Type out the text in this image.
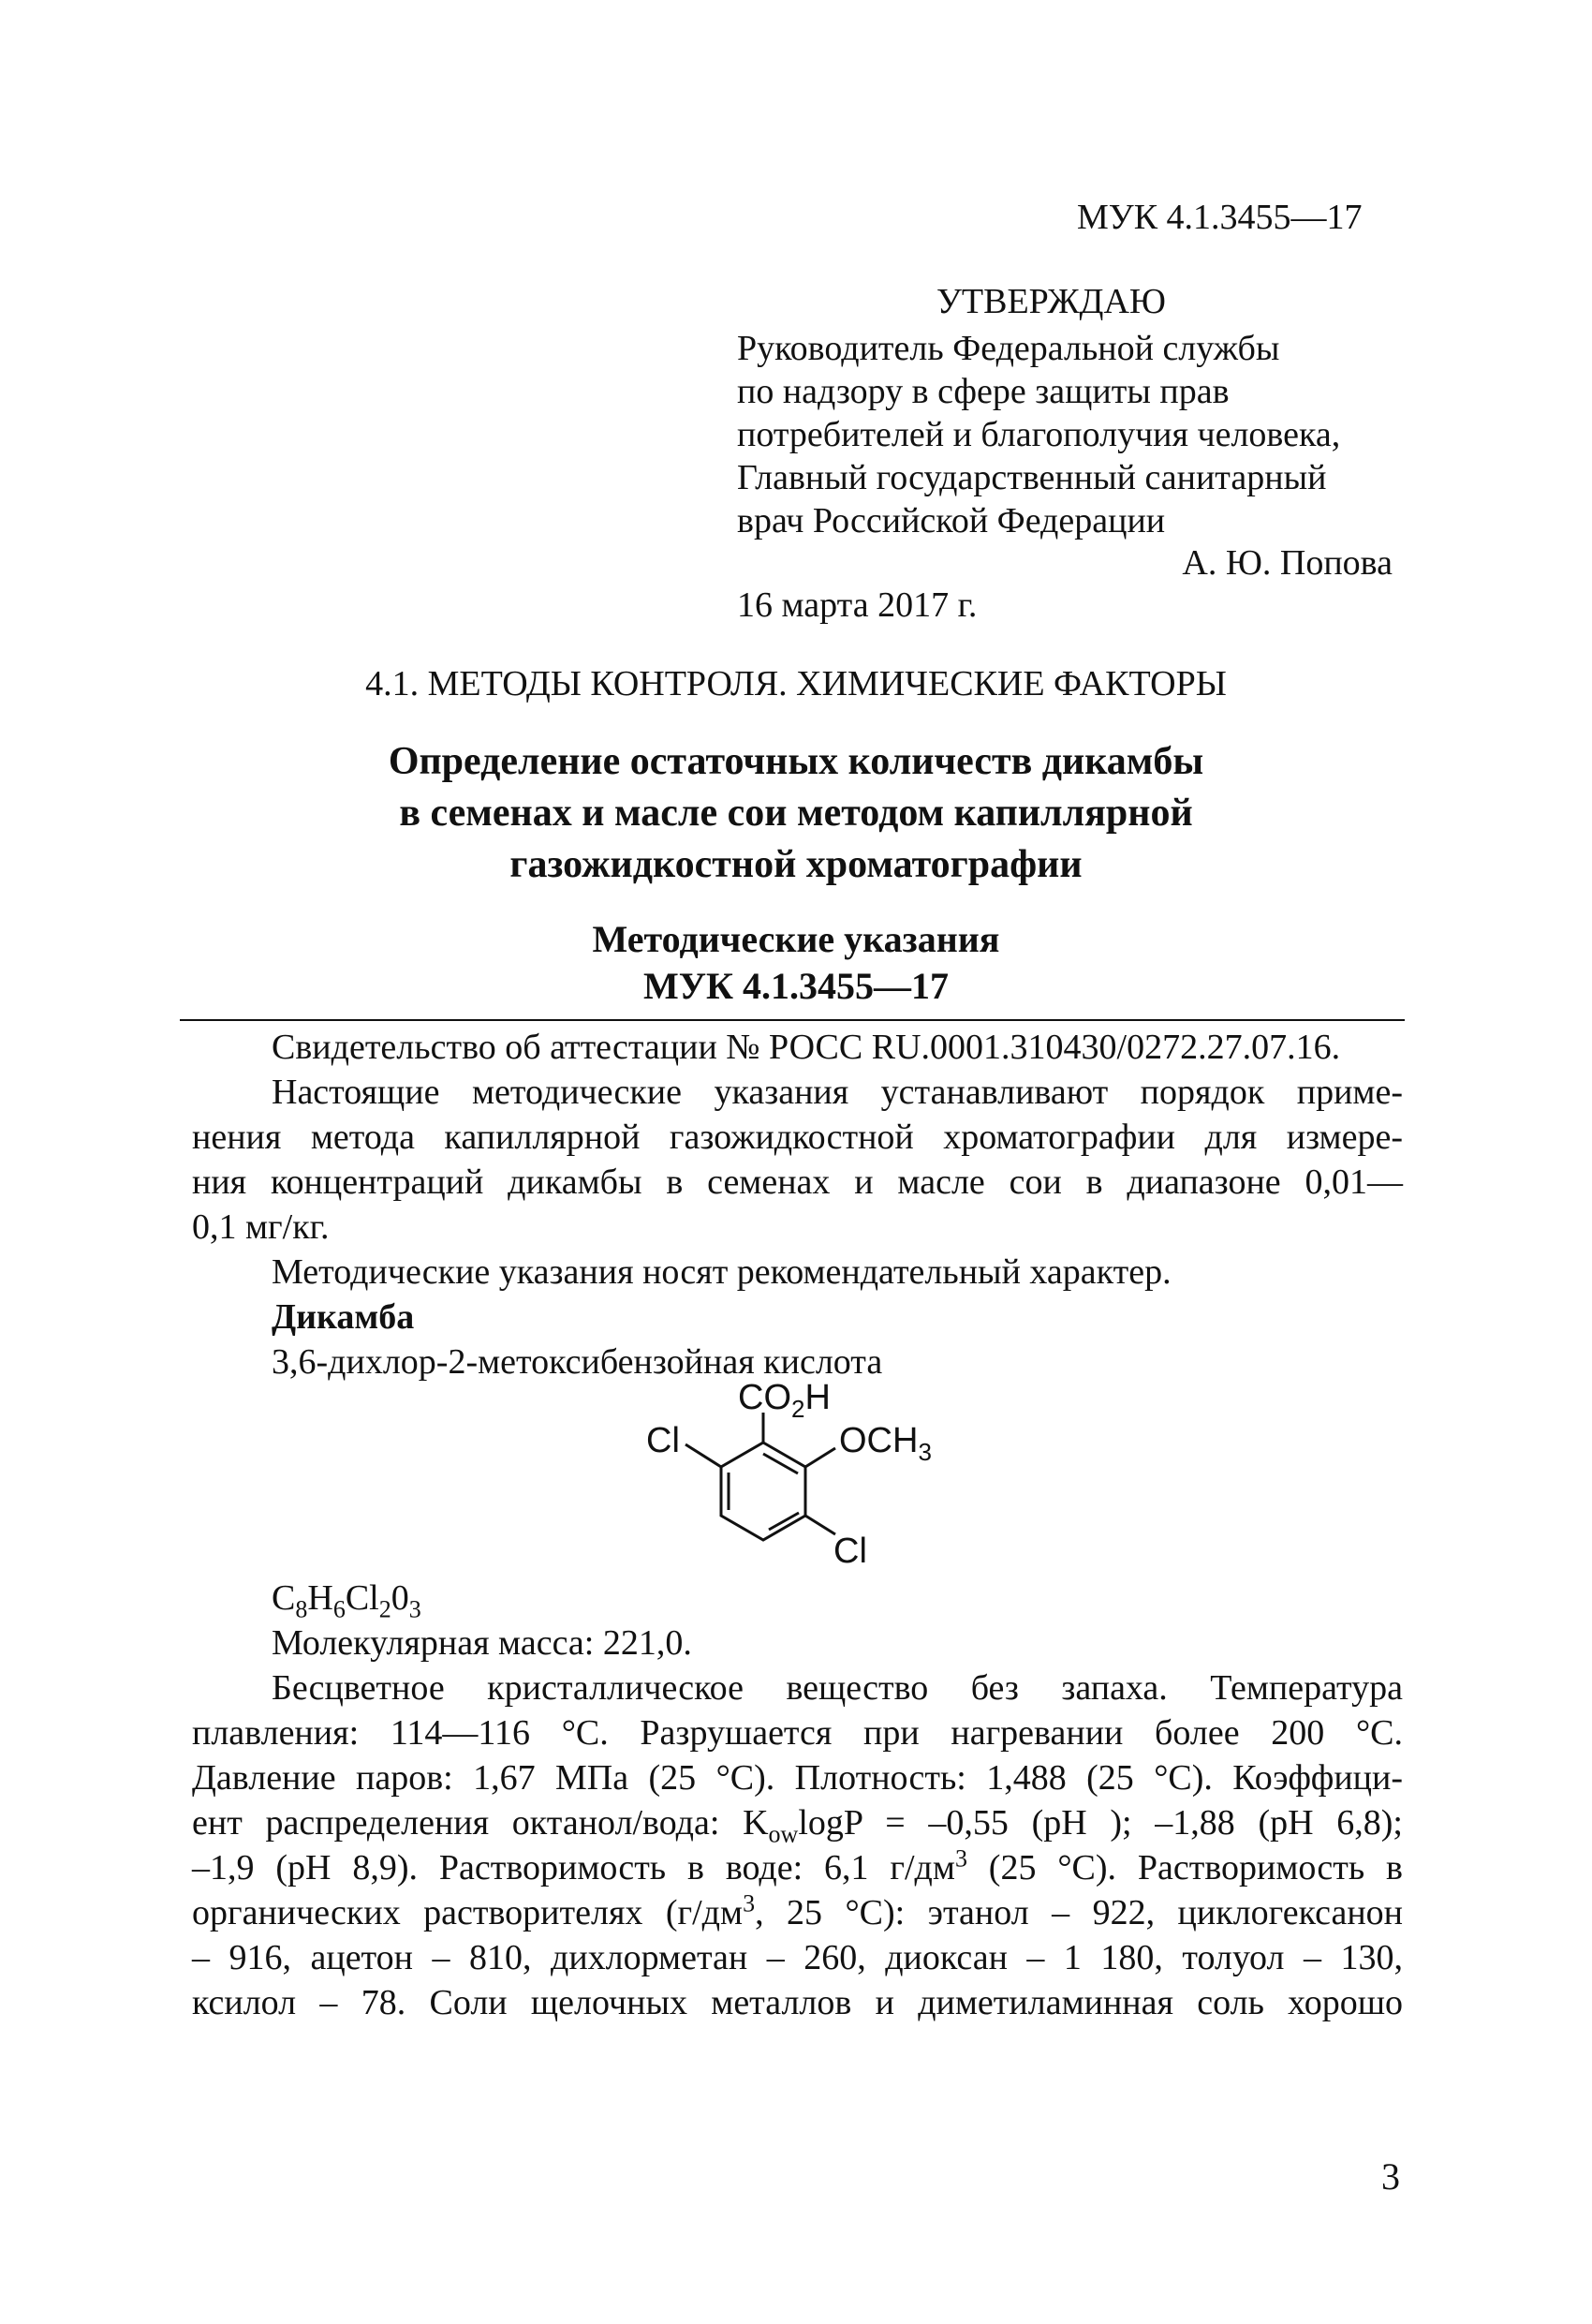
МУК 4.1.3455—17
УТВЕРЖДАЮ
Руководитель Федеральной службы
по надзору в сфере защиты прав
потребителей и благополучия человека,
Главный государственный санитарный
врач Российской Федерации
А. Ю. Попова
16 марта 2017 г.
4.1. МЕТОДЫ КОНТРОЛЯ. ХИМИЧЕСКИЕ ФАКТОРЫ
Определение остаточных количеств дикамбы
в семенах и масле сои методом капиллярной
газожидкостной хроматографии
Методические указания
МУК 4.1.3455—17
Свидетельство об аттестации № РОСС RU.0001.310430/0272.27.07.16.
Настоящие методические указания устанавливают порядок приме-
нения метода капиллярной газожидкостной хроматографии для измере-
ния концентраций дикамбы в семенах и масле сои в диапазоне 0,01—
0,1 мг/кг.
Методические указания носят рекомендательный характер.
Дикамба
3,6-дихлор-2-метоксибензойная кислота
$CO_2H$
Cl	$OCH_3$
Cl
$C_8H_6Cl_20_3$
Молекулярная масса: 221,0.
Бесцветное кристаллическое вещество без запаха. Температура
плавления: 114—116 °С. Разрушается при нагревании более 200 °С.
Давление паров: 1,67 МПа (25 °С). Плотность: 1,488 (25 °С). Коэффици-
ент распределения октанол/вода: $K_{ow}\log P = -0,55$ (pH ); –1,88 (pH 6,8);
–1,9 (pH 8,9). Растворимость в воде: 6,1 $г/дм^3$ (25 °С). Растворимость в
органических растворителях ($г/дм^3$, 25 °С): этанол – 922, циклогексанон
– 916, ацетон – 810, дихлорметан – 260, диоксан – 1 180, толуол – 130,
ксилол – 78. Соли щелочных металлов и диметиламинная соль хорошо
3
